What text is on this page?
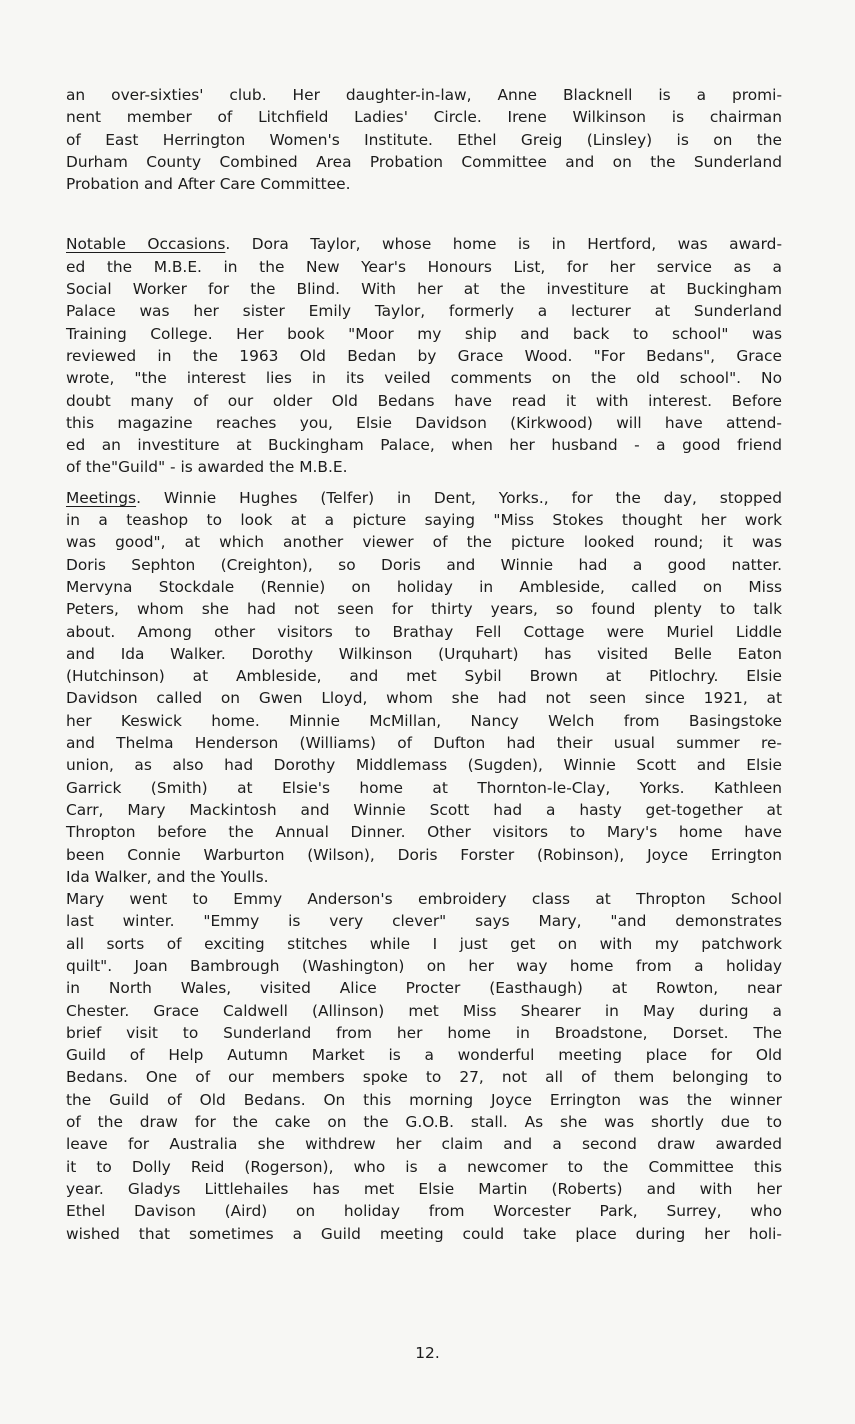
an over-sixties' club. Her daughter-in-law, Anne Blacknell is a promi-
nent member of Litchfield Ladies' Circle. Irene Wilkinson is chairman
of East Herrington Women's Institute. Ethel Greig (Linsley) is on the
Durham County Combined Area Probation Committee and on the Sunderland
Probation and After Care Committee.
Notable Occasions. Dora Taylor, whose home is in Hertford, was award-
ed the M.B.E. in the New Year's Honours List, for her service as a
Social Worker for the Blind. With her at the investiture at Buckingham
Palace was her sister Emily Taylor, formerly a lecturer at Sunderland
Training College. Her book "Moor my ship and back to school" was
reviewed in the 1963 Old Bedan by Grace Wood. "For Bedans", Grace
wrote, "the interest lies in its veiled comments on the old school". No
doubt many of our older Old Bedans have read it with interest. Before
this magazine reaches you, Elsie Davidson (Kirkwood) will have attend-
ed an investiture at Buckingham Palace, when her husband - a good friend
of the"Guild" - is awarded the M.B.E.
Meetings. Winnie Hughes (Telfer) in Dent, Yorks., for the day, stopped
in a teashop to look at a picture saying "Miss Stokes thought her work
was good", at which another viewer of the picture looked round; it was
Doris Sephton (Creighton), so Doris and Winnie had a good natter.
Mervyna Stockdale (Rennie) on holiday in Ambleside, called on Miss
Peters, whom she had not seen for thirty years, so found plenty to talk
about. Among other visitors to Brathay Fell Cottage were Muriel Liddle
and Ida Walker. Dorothy Wilkinson (Urquhart) has visited Belle Eaton
(Hutchinson) at Ambleside, and met Sybil Brown at Pitlochry. Elsie
Davidson called on Gwen Lloyd, whom she had not seen since 1921, at
her Keswick home. Minnie McMillan, Nancy Welch from Basingstoke
and Thelma Henderson (Williams) of Dufton had their usual summer re-
union, as also had Dorothy Middlemass (Sugden), Winnie Scott and Elsie
Garrick (Smith) at Elsie's home at Thornton-le-Clay, Yorks. Kathleen
Carr, Mary Mackintosh and Winnie Scott had a hasty get-together at
Thropton before the Annual Dinner. Other visitors to Mary's home have
been Connie Warburton (Wilson), Doris Forster (Robinson), Joyce Errington
Ida Walker, and the Youlls.
Mary went to Emmy Anderson's embroidery class at Thropton School
last winter. "Emmy is very clever" says Mary, "and demonstrates
all sorts of exciting stitches while I just get on with my patchwork
quilt". Joan Bambrough (Washington) on her way home from a holiday
in North Wales, visited Alice Procter (Easthaugh) at Rowton, near
Chester. Grace Caldwell (Allinson) met Miss Shearer in May during a
brief visit to Sunderland from her home in Broadstone, Dorset. The
Guild of Help Autumn Market is a wonderful meeting place for Old
Bedans. One of our members spoke to 27, not all of them belonging to
the Guild of Old Bedans. On this morning Joyce Errington was the winner
of the draw for the cake on the G.O.B. stall. As she was shortly due to
leave for Australia she withdrew her claim and a second draw awarded
it to Dolly Reid (Rogerson), who is a newcomer to the Committee this
year. Gladys Littlehailes has met Elsie Martin (Roberts) and with her
Ethel Davison (Aird) on holiday from Worcester Park, Surrey, who
wished that sometimes a Guild meeting could take place during her holi-
12.
